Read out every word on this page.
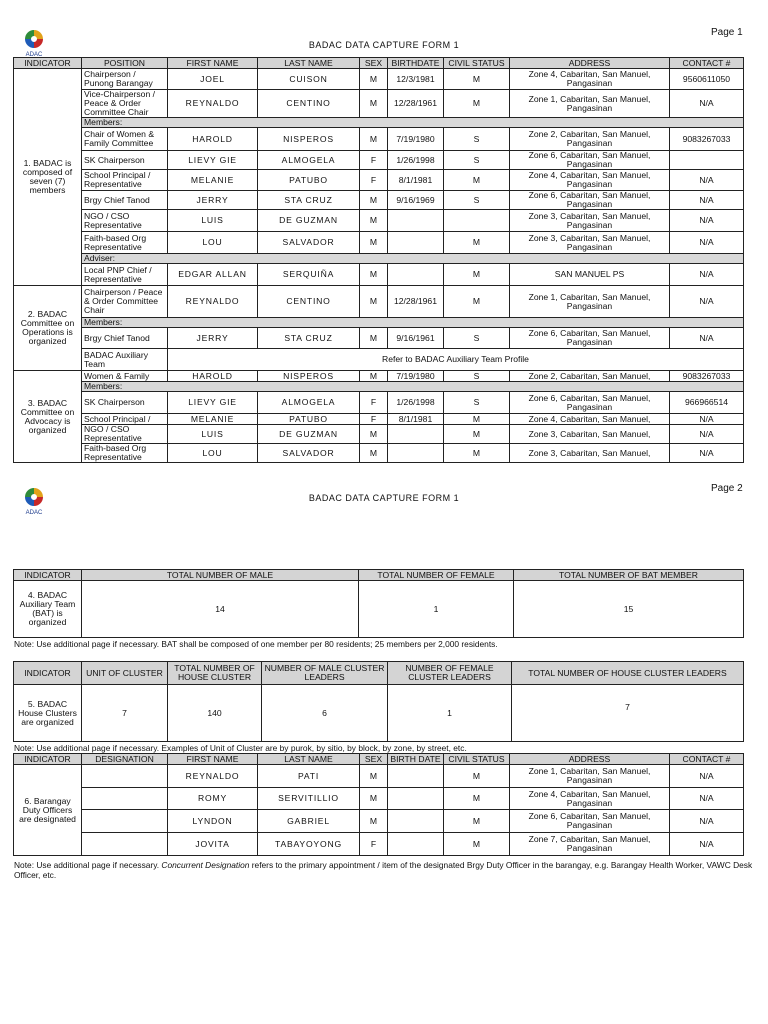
ADAC
Page 1
BADAC DATA CAPTURE FORM 1
INDICATOR	POSITION	FIRST NAME	LAST NAME	SEX	BIRTHDATE	CIVIL STATUS	ADDRESS	CONTACT #
1. BADAC is composed of seven (7) members	Chairperson / Punong Barangay	JOEL	CUISON	M	12/3/1981	M	Zone 4, Cabaritan, San Manuel, Pangasinan	9560611050
	Vice-Chairperson / Peace & Order Committee Chair	REYNALDO	CENTINO	M	12/28/1961	M	Zone 1, Cabaritan, San Manuel, Pangasinan	N/A
	Members:							
	Chair of Women & Family Committee	HAROLD	NISPEROS	M	7/19/1980	S	Zone 2, Cabaritan, San Manuel, Pangasinan	9083267033
	SK Chairperson	LIEVY GIE	ALMOGELA	F	1/26/1998	S	Zone 6, Cabaritan, San Manuel, Pangasinan	
	School Principal / Representative	MELANIE	PATUBO	F	8/1/1981	M	Zone 4, Cabaritan, San Manuel, Pangasinan	N/A
	Brgy Chief Tanod	JERRY	STA CRUZ	M	9/16/1969	S	Zone 6, Cabaritan, San Manuel, Pangasinan	N/A
	NGO / CSO Representative	LUIS	DE GUZMAN	M			Zone 3, Cabaritan, San Manuel, Pangasinan	N/A
	Faith-based Org Representative	LOU	SALVADOR	M		M	Zone 3, Cabaritan, San Manuel, Pangasinan	N/A
	Adviser:							
	Local PNP Chief / Representative	EDGAR ALLAN	SERQUIÑA	M		M	SAN MANUEL PS	N/A
2. BADAC Committee on Operations is organized	Chairperson / Peace & Order Committee Chair	REYNALDO	CENTINO	M	12/28/1961	M	Zone 1, Cabaritan, San Manuel, Pangasinan	N/A
	Members:							
	Brgy Chief Tanod	JERRY	STA CRUZ	M	9/16/1961	S	Zone 6, Cabaritan, San Manuel, Pangasinan	N/A
	BADAC Auxiliary Team	Refer to BADAC Auxiliary Team Profile						
3. BADAC Committee on Advocacy is organized	Women & Family	HAROLD	NISPEROS	M	7/19/1980	S	Zone 2, Cabaritan, San Manuel,	9083267033
	Members:							
	SK Chairperson	LIEVY GIE	ALMOGELA	F	1/26/1998	S	Zone 6, Cabaritan, San Manuel, Pangasinan	966966514
	School Principal /	MELANIE	PATUBO	F	8/1/1981	M	Zone 4, Cabaritan, San Manuel,	N/A
	NGO / CSO Representative	LUIS	DE GUZMAN	M		M	Zone 3, Cabaritan, San Manuel,	N/A
	Faith-based Org Representative	LOU	SALVADOR	M		M	Zone 3, Cabaritan, San Manuel,	N/A
ADAC
Page 2
BADAC DATA CAPTURE FORM 1
INDICATOR	TOTAL NUMBER OF MALE	TOTAL NUMBER OF FEMALE	TOTAL NUMBER OF BAT MEMBER
4. BADAC Auxiliary Team (BAT) is organized	14	1	15
Note: Use additional page if necessary. BAT shall be composed of one member per 80 residents; 25 members per 2,000 residents.
INDICATOR	UNIT OF CLUSTER	TOTAL NUMBER OF HOUSE CLUSTER	NUMBER OF MALE CLUSTER LEADERS	NUMBER OF FEMALE CLUSTER LEADERS	TOTAL NUMBER OF HOUSE CLUSTER LEADERS
5. BADAC House Clusters are organized	7	140	6	1	7
Note: Use additional page if necessary. Examples of Unit of Cluster are by purok, by sitio, by block, by zone, by street, etc.
INDICATOR	DESIGNATION	FIRST NAME	LAST NAME	SEX	BIRTH DATE	CIVIL STATUS	ADDRESS	CONTACT #
6. Barangay Duty Officers are designated		REYNALDO	PATI	M		M	Zone 1, Cabaritan, San Manuel, Pangasinan	N/A
		ROMY	SERVITILLIO	M		M	Zone 4, Cabaritan, San Manuel, Pangasinan	N/A
		LYNDON	GABRIEL	M		M	Zone 6, Cabaritan, San Manuel, Pangasinan	N/A
		JOVITA	TABAYOYONG	F		M	Zone 7, Cabaritan, San Manuel, Pangasinan	N/A
Note: Use additional page if necessary. Concurrent Designation refers to the primary appointment / item of the designated Brgy Duty Officer in the barangay, e.g. Barangay Health Worker, VAWC Desk Officer, etc.
